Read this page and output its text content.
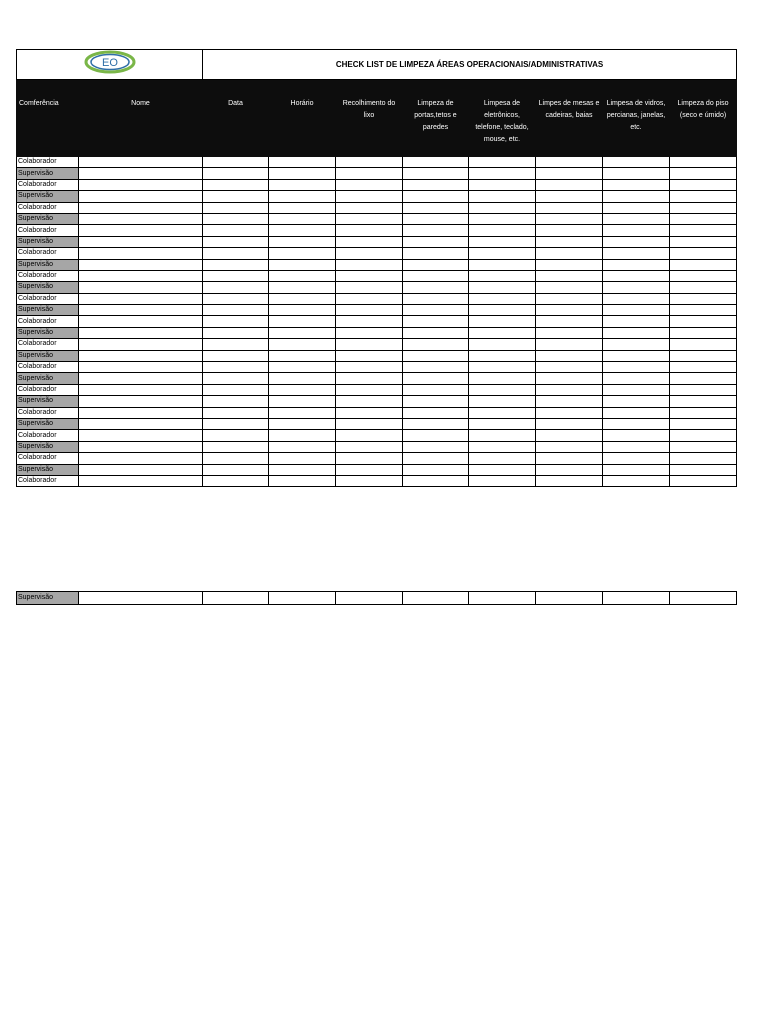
EO		CHECK LIST DE LIMPEZA ÁREAS OPERACIONAIS/ADMINISTRATIVAS							
Comferência	Nome	Data	Horário	Recolhimento do lixo	Limpeza de portas,tetos e paredes	Limpesa de eletrônicos, telefone, teclado, mouse, etc.	Limpes de mesas e cadeiras, baias	Limpesa de vidros, percianas, janelas, etc.	Limpeza do piso (seco e úmido)
Colaborador									
Supervisão									
Colaborador									
Supervisão									
Colaborador									
Supervisão									
Colaborador									
Supervisão									
Colaborador									
Supervisão									
Colaborador									
Supervisão									
Colaborador									
Supervisão									
Colaborador									
Supervisão									
Colaborador									
Supervisão									
Colaborador									
Supervisão									
Colaborador									
Supervisão									
Colaborador									
Supervisão									
Colaborador									
Supervisão									
Colaborador									
Supervisão									
Colaborador									
Supervisão									
